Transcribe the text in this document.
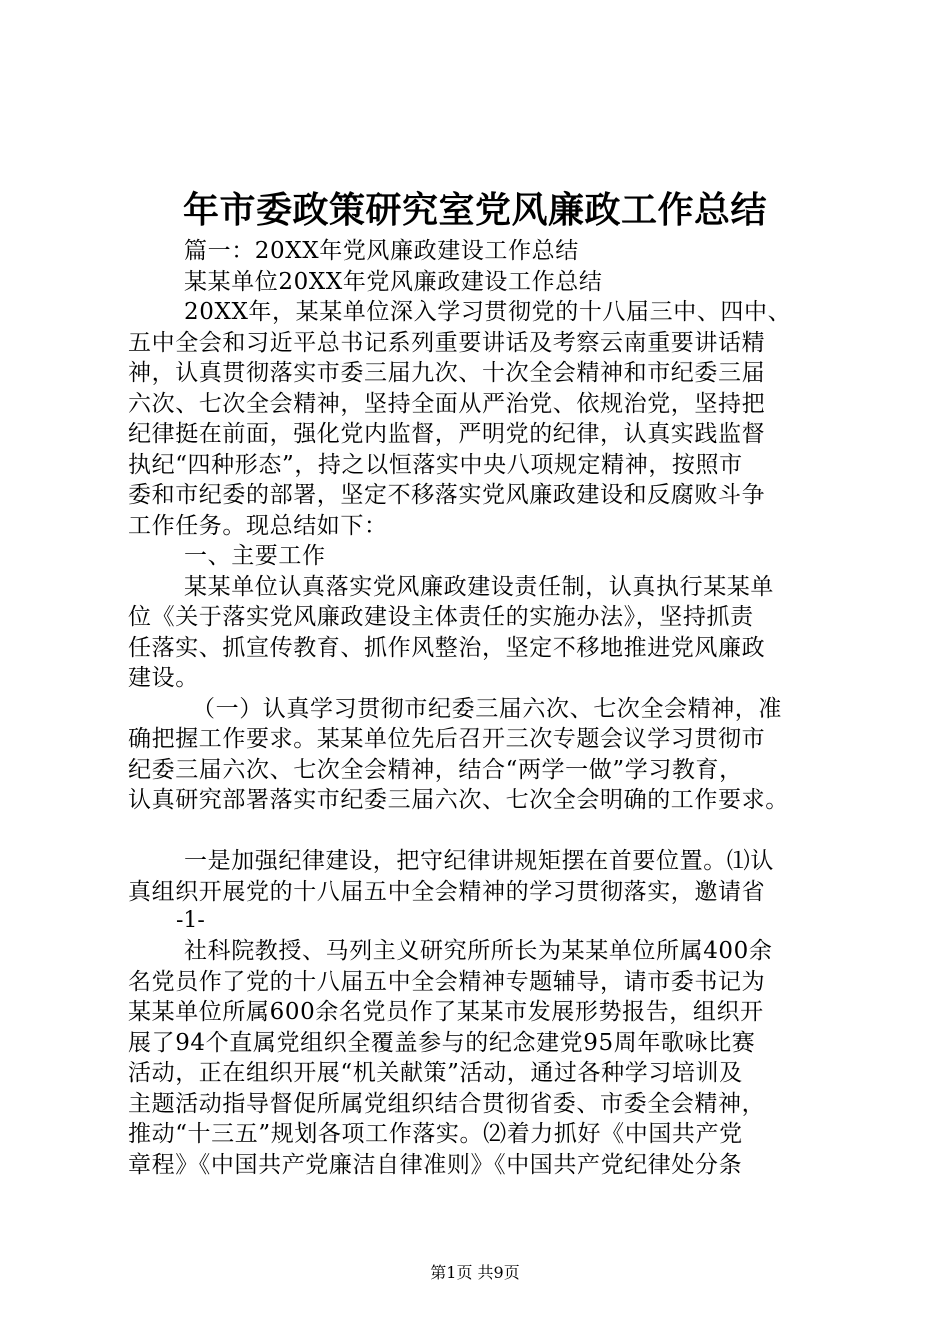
年市委政策研究室党风廉政工作总结
篇一：20XX年党风廉政建设工作总结
某某单位20XX年党风廉政建设工作总结
20XX年，某某单位深入学习贯彻党的十八届三中、四中、
五中全会和习近平总书记系列重要讲话及考察云南重要讲话精
神，认真贯彻落实市委三届九次、十次全会精神和市纪委三届
六次、七次全会精神，坚持全面从严治党、依规治党，坚持把
纪律挺在前面，强化党内监督，严明党的纪律，认真实践监督
执纪“四种形态”，持之以恒落实中央八项规定精神，按照市
委和市纪委的部署，坚定不移落实党风廉政建设和反腐败斗争
工作任务。现总结如下：
一、主要工作
某某单位认真落实党风廉政建设责任制，认真执行某某单
位《关于落实党风廉政建设主体责任的实施办法》，坚持抓责
任落实、抓宣传教育、抓作风整治，坚定不移地推进党风廉政
建设。
（一）认真学习贯彻市纪委三届六次、七次全会精神，准
确把握工作要求。某某单位先后召开三次专题会议学习贯彻市
纪委三届六次、七次全会精神，结合“两学一做”学习教育，
认真研究部署落实市纪委三届六次、七次全会明确的工作要求。
一是加强纪律建设，把守纪律讲规矩摆在首要位置。⑴认
真组织开展党的十八届五中全会精神的学习贯彻落实，邀请省
-1-
社科院教授、马列主义研究所所长为某某单位所属400余
名党员作了党的十八届五中全会精神专题辅导，请市委书记为
某某单位所属600余名党员作了某某市发展形势报告，组织开
展了94个直属党组织全覆盖参与的纪念建党95周年歌咏比赛
活动，正在组织开展“机关献策”活动，通过各种学习培训及
主题活动指导督促所属党组织结合贯彻省委、市委全会精神，
推动“十三五”规划各项工作落实。⑵着力抓好《中国共产党
章程》《中国共产党廉洁自律准则》《中国共产党纪律处分条
第1页 共9页
